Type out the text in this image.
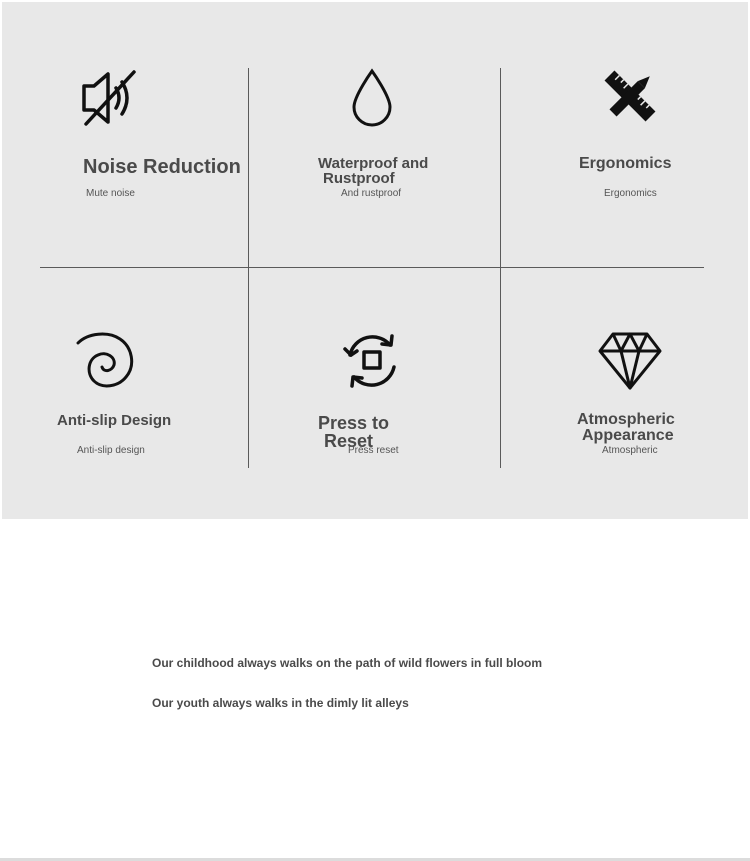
Noise Reduction
Mute noise
Waterproof and
Rustproof
And rustproof
Ergonomics
Ergonomics
Anti-slip Design
Anti-slip design
Press to
Reset
Press reset
Atmospheric
Appearance
Atmospheric
Our childhood always walks on the path of wild flowers in full bloom
Our youth always walks in the dimly lit alleys
